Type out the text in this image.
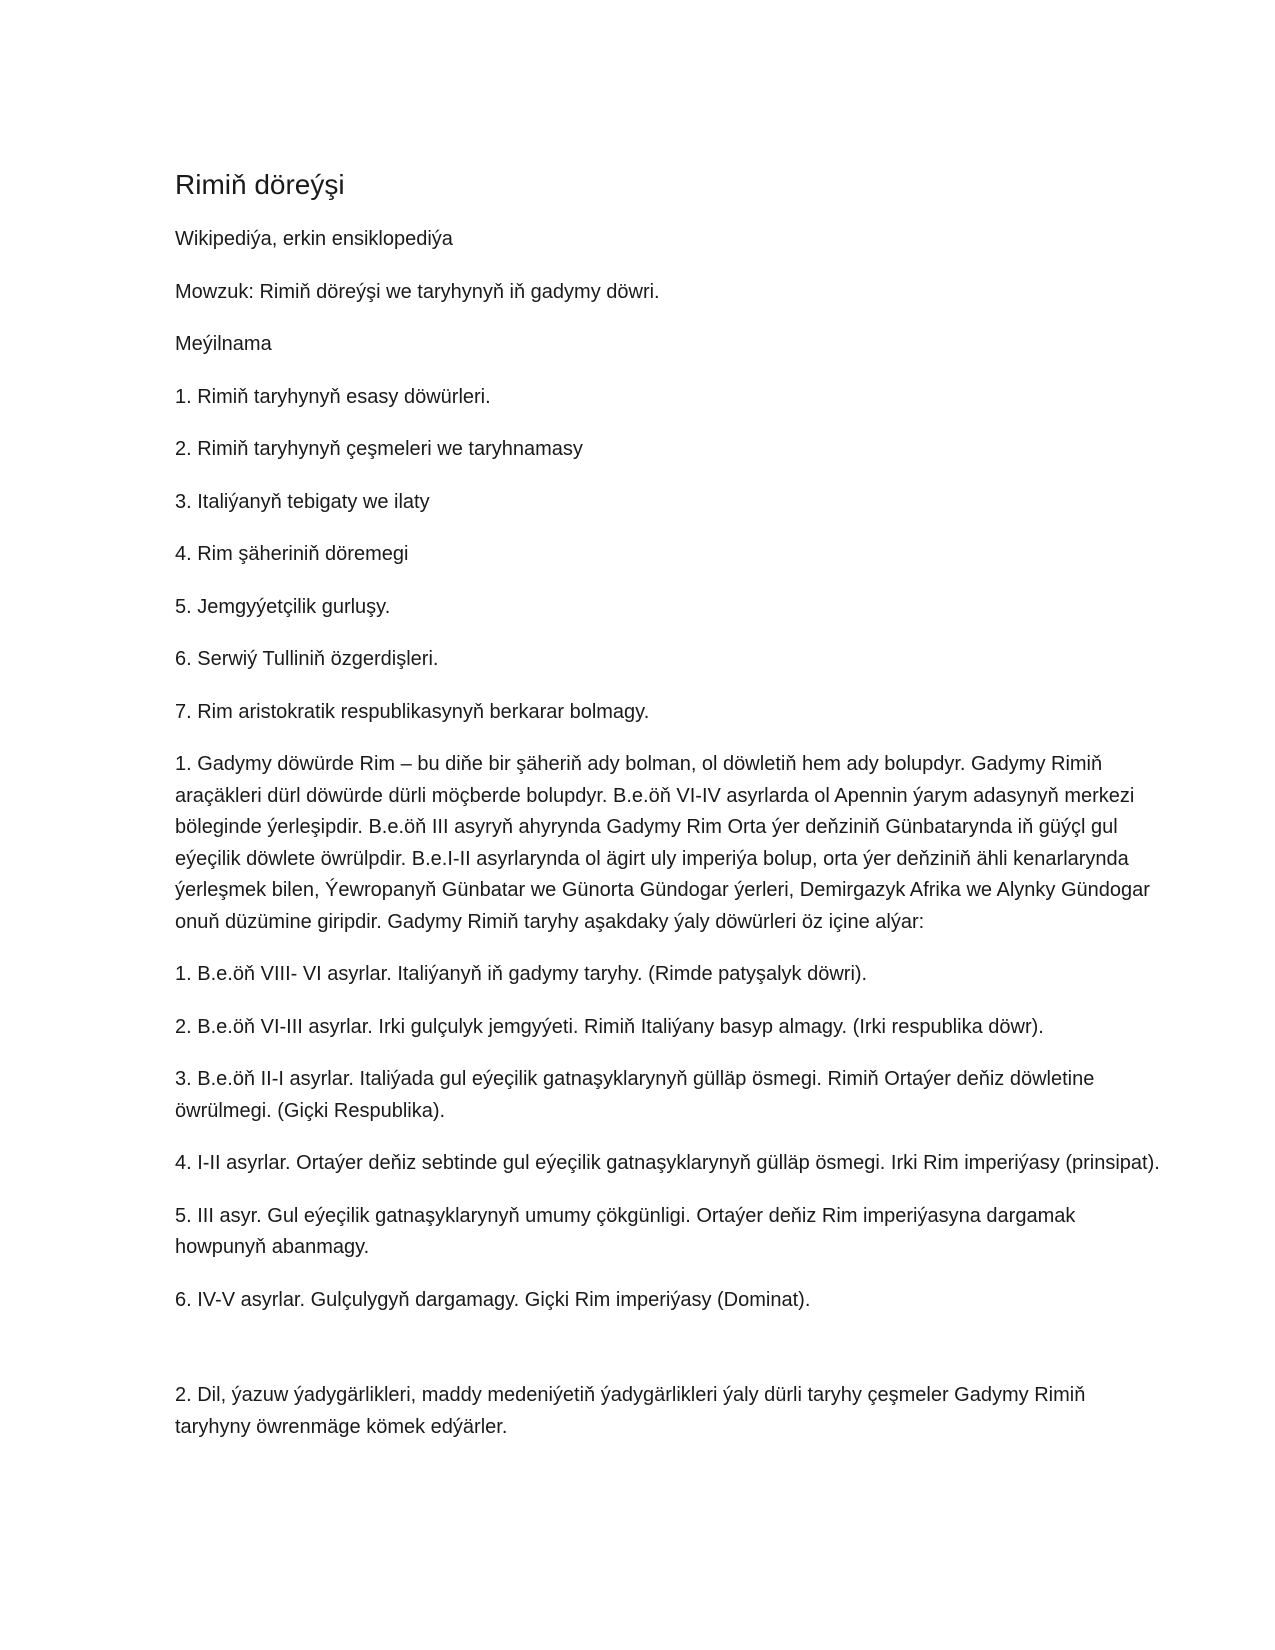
Rimiň döreýşi

Wikipediýa, erkin ensiklopediýa

Mowzuk: Rimiň döreýşi we taryhynyň iň gadymy döwri.

Meýilnama

1. Rimiň taryhynyň esasy döwürleri.

2. Rimiň taryhynyň çeşmeleri we taryhnamasy

3. Italiýanyň tebigaty we ilaty

4. Rim şäheriniň döremegi

5. Jemgyýetçilik gurluşy.

6. Serwiý Tulliniň özgerdişleri.

7. Rim aristokratik respublikasynyň berkarar bolmagy.

1. Gadymy döwürde Rim – bu diňe bir şäheriň ady bolman, ol döwletiň hem ady bolupdyr. Gadymy Rimiň araçäkleri dürl döwürde dürli möçberde bolupdyr. B.e.öň VI-IV asyrlarda ol Apennin ýarym adasynyň merkezi böleginde ýerleşipdir. B.e.öň III asyryň ahyrynda Gadymy Rim Orta ýer deňziniň Günbatarynda iň güýçl gul eýeçilik döwlete öwrülpdir. B.e.I-II asyrlarynda ol ägirt uly imperiýa bolup, orta ýer deňziniň ähli kenarlarynda ýerleşmek bilen, Ýewropanyň Günbatar we Günorta Gündogar ýerleri, Demirgazyk Afrika we Alynky Gündogar onuň düzümine giripdir. Gadymy Rimiň taryhy aşakdaky ýaly döwürleri öz içine alýar:

1. B.e.öň VIII- VI asyrlar. Italiýanyň iň gadymy taryhy. (Rimde patyşalyk döwri).

2. B.e.öň VI-III asyrlar. Irki gulçulyk jemgyýeti. Rimiň Italiýany basyp almagy. (Irki respublika döwr).

3. B.e.öň II-I asyrlar. Italiýada gul eýeçilik gatnaşyklarynyň gülläp ösmegi. Rimiň Ortaýer deňiz döwletine öwrülmegi. (Giçki Respublika).

4. I-II asyrlar. Ortaýer deňiz sebtinde gul eýeçilik gatnaşyklarynyň gülläp ösmegi. Irki Rim imperiýasy (prinsipat).

5. III asyr. Gul eýeçilik gatnaşyklarynyň umumy çökgünligi. Ortaýer deňiz Rim imperiýasyna dargamak howpunyň abanmagy.

6. IV-V asyrlar. Gulçulygyň dargamagy. Giçki Rim imperiýasy (Dominat).

2. Dil, ýazuw ýadygärlikleri, maddy medeniýetiň ýadygärlikleri ýaly dürli taryhy çeşmeler Gadymy Rimiň taryhyny öwrenmäge kömek edýärler.
